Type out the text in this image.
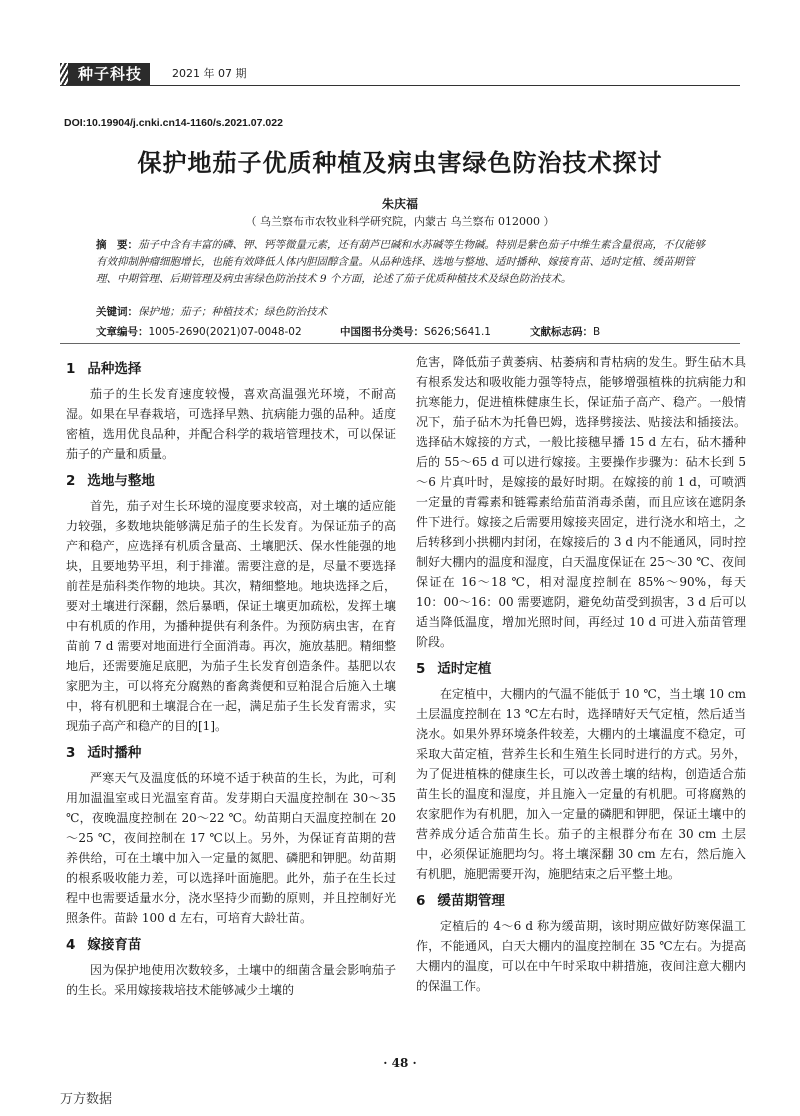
种子科技	2021 年 07 期
DOI:10.19904/j.cnki.cn14-1160/s.2021.07.022
保护地茄子优质种植及病虫害绿色防治技术探讨
朱庆福
（ 乌兰察布市农牧业科学研究院，内蒙古 乌兰察布 012000 ）
摘　要：茄子中含有丰富的磷、钾、钙等微量元素，还有葫芦巴碱和水苏碱等生物碱。特别是紫色茄子中维生素含量很高，不仅能够有效抑制肿瘤细胞增长，也能有效降低人体内胆固醇含量。从品种选择、选地与整地、适时播种、嫁接育苗、适时定植、缓苗期管理、中期管理、后期管理及病虫害绿色防治技术 9 个方面，论述了茄子优质种植技术及绿色防治技术。
关键词：保护地；茄子；种植技术；绿色防治技术
文章编号：1005-2690(2021)07-0048-02	中国图书分类号：S626;S641.1	文献标志码：B
1 品种选择

茄子的生长发育速度较慢，喜欢高温强光环境，不耐高湿。如果在早春栽培，可选择早熟、抗病能力强的品种。适度密植，选用优良品种，并配合科学的栽培管理技术，可以保证茄子的产量和质量。

2 选地与整地

首先，茄子对生长环境的湿度要求较高，对土壤的适应能力较强，多数地块能够满足茄子的生长发育。为保证茄子的高产和稳产，应选择有机质含量高、土壤肥沃、保水性能强的地块，且要地势平坦，利于排灌。需要注意的是，尽量不要选择前茬是茄科类作物的地块。其次，精细整地。地块选择之后，要对土壤进行深翻，然后暴晒，保证土壤更加疏松，发挥土壤中有机质的作用，为播种提供有利条件。为预防病虫害，在育苗前 7 d 需要对地面进行全面消毒。再次，施放基肥。精细整地后，还需要施足底肥，为茄子生长发育创造条件。基肥以农家肥为主，可以将充分腐熟的畜禽粪便和豆粕混合后施入土壤中，将有机肥和土壤混合在一起，满足茄子生长发育需求，实现茄子高产和稳产的目的[1]。

3 适时播种

严寒天气及温度低的环境不适于秧苗的生长，为此，可利用加温温室或日光温室育苗。发芽期白天温度控制在 30～35 ℃，夜晚温度控制在 20～22 ℃。幼苗期白天温度控制在 20～25 ℃，夜间控制在 17 ℃以上。另外，为保证育苗期的营养供给，可在土壤中加入一定量的氮肥、磷肥和钾肥。幼苗期的根系吸收能力差，可以选择叶面施肥。此外，茄子在生长过程中也需要适量水分，浇水坚持少而勤的原则，并且控制好光照条件。苗龄 100 d 左右，可培育大龄壮苗。

4 嫁接育苗

因为保护地使用次数较多，土壤中的细菌含量会影响茄子的生长。采用嫁接栽培技术能够减少土壤的

危害，降低茄子黄萎病、枯萎病和青枯病的发生。野生砧木具有根系发达和吸收能力强等特点，能够增强植株的抗病能力和抗寒能力，促进植株健康生长，保证茄子高产、稳产。一般情况下，茄子砧木为托鲁巴姆，选择劈接法、贴接法和插接法。选择砧木嫁接的方式，一般比接穗早播 15 d 左右，砧木播种后的 55～65 d 可以进行嫁接。主要操作步骤为：砧木长到 5～6 片真叶时，是嫁接的最好时期。在嫁接的前 1 d，可喷洒一定量的青霉素和链霉素给茄苗消毒杀菌，而且应该在遮阴条件下进行。嫁接之后需要用嫁接夹固定，进行浇水和培土，之后转移到小拱棚内封闭，在嫁接后的 3 d 内不能通风，同时控制好大棚内的温度和湿度，白天温度保证在 25～30 ℃、夜间保证在 16～18 ℃，相对湿度控制在 85%～90%，每天 10：00～16：00 需要遮阴，避免幼苗受到损害，3 d 后可以适当降低温度，增加光照时间，再经过 10 d 可进入茄苗管理阶段。

5 适时定植

在定植中，大棚内的气温不能低于 10 ℃，当土壤 10 cm 土层温度控制在 13 ℃左右时，选择晴好天气定植，然后适当浇水。如果外界环境条件较差，大棚内的土壤温度不稳定，可采取大苗定植，营养生长和生殖生长同时进行的方式。另外，为了促进植株的健康生长，可以改善土壤的结构，创造适合茄苗生长的温度和湿度，并且施入一定量的有机肥。可将腐熟的农家肥作为有机肥，加入一定量的磷肥和钾肥，保证土壤中的营养成分适合茄苗生长。茄子的主根群分布在 30 cm 土层中，必须保证施肥均匀。将土壤深翻 30 cm 左右，然后施入有机肥，施肥需要开沟，施肥结束之后平整土地。

6 缓苗期管理

定植后的 4～6 d 称为缓苗期，该时期应做好防寒保温工作，不能通风，白天大棚内的温度控制在 35 ℃左右。为提高大棚内的温度，可以在中午时采取中耕措施，夜间注意大棚内的保温工作。

· 48 ·
万方数据
